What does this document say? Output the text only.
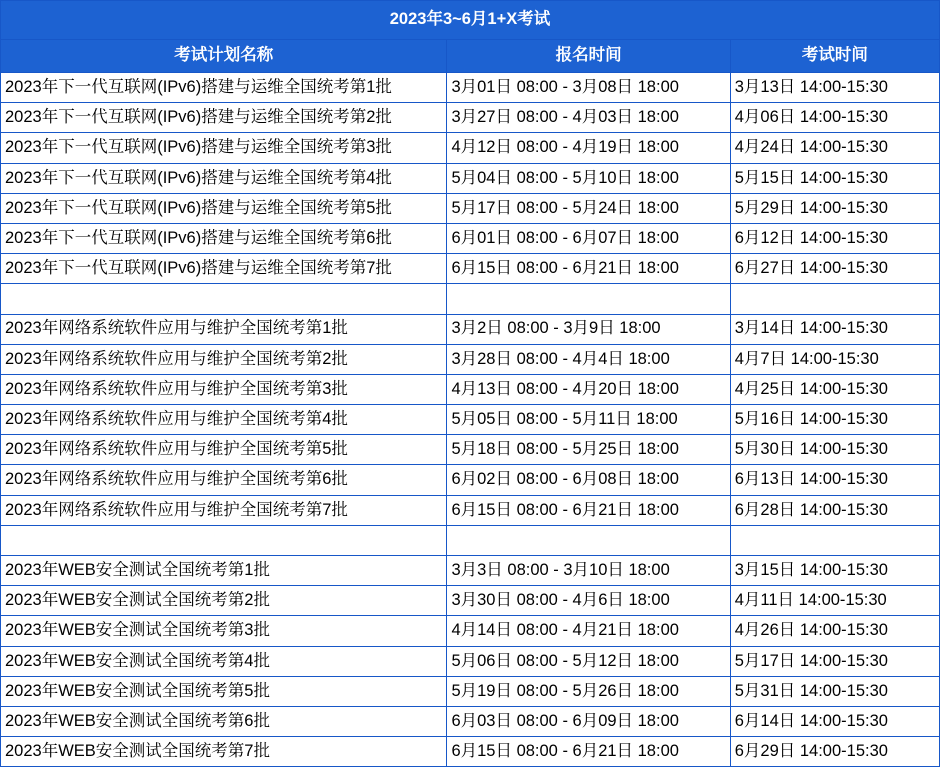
2023年3~6月1+X考试		
考试计划名称	报名时间	考试时间
2023年下一代互联网(IPv6)搭建与运维全国统考第1批	3月01日 08:00 - 3月08日 18:00	3月13日 14:00-15:30
2023年下一代互联网(IPv6)搭建与运维全国统考第2批	3月27日 08:00 - 4月03日 18:00	4月06日 14:00-15:30
2023年下一代互联网(IPv6)搭建与运维全国统考第3批	4月12日 08:00 - 4月19日 18:00	4月24日 14:00-15:30
2023年下一代互联网(IPv6)搭建与运维全国统考第4批	5月04日 08:00 - 5月10日 18:00	5月15日 14:00-15:30
2023年下一代互联网(IPv6)搭建与运维全国统考第5批	5月17日 08:00 - 5月24日 18:00	5月29日 14:00-15:30
2023年下一代互联网(IPv6)搭建与运维全国统考第6批	6月01日 08:00 - 6月07日 18:00	6月12日 14:00-15:30
2023年下一代互联网(IPv6)搭建与运维全国统考第7批	6月15日 08:00 - 6月21日 18:00	6月27日 14:00-15:30

2023年网络系统软件应用与维护全国统考第1批	3月2日 08:00 - 3月9日 18:00	3月14日 14:00-15:30
2023年网络系统软件应用与维护全国统考第2批	3月28日 08:00 - 4月4日 18:00	4月7日 14:00-15:30
2023年网络系统软件应用与维护全国统考第3批	4月13日 08:00 - 4月20日 18:00	4月25日 14:00-15:30
2023年网络系统软件应用与维护全国统考第4批	5月05日 08:00 - 5月11日 18:00	5月16日 14:00-15:30
2023年网络系统软件应用与维护全国统考第5批	5月18日 08:00 - 5月25日 18:00	5月30日 14:00-15:30
2023年网络系统软件应用与维护全国统考第6批	6月02日 08:00 - 6月08日 18:00	6月13日 14:00-15:30
2023年网络系统软件应用与维护全国统考第7批	6月15日 08:00 - 6月21日 18:00	6月28日 14:00-15:30

2023年WEB安全测试全国统考第1批	3月3日 08:00 - 3月10日 18:00	3月15日 14:00-15:30
2023年WEB安全测试全国统考第2批	3月30日 08:00 - 4月6日 18:00	4月11日 14:00-15:30
2023年WEB安全测试全国统考第3批	4月14日 08:00 - 4月21日 18:00	4月26日 14:00-15:30
2023年WEB安全测试全国统考第4批	5月06日 08:00 - 5月12日 18:00	5月17日 14:00-15:30
2023年WEB安全测试全国统考第5批	5月19日 08:00 - 5月26日 18:00	5月31日 14:00-15:30
2023年WEB安全测试全国统考第6批	6月03日 08:00 - 6月09日 18:00	6月14日 14:00-15:30
2023年WEB安全测试全国统考第7批	6月15日 08:00 - 6月21日 18:00	6月29日 14:00-15:30
